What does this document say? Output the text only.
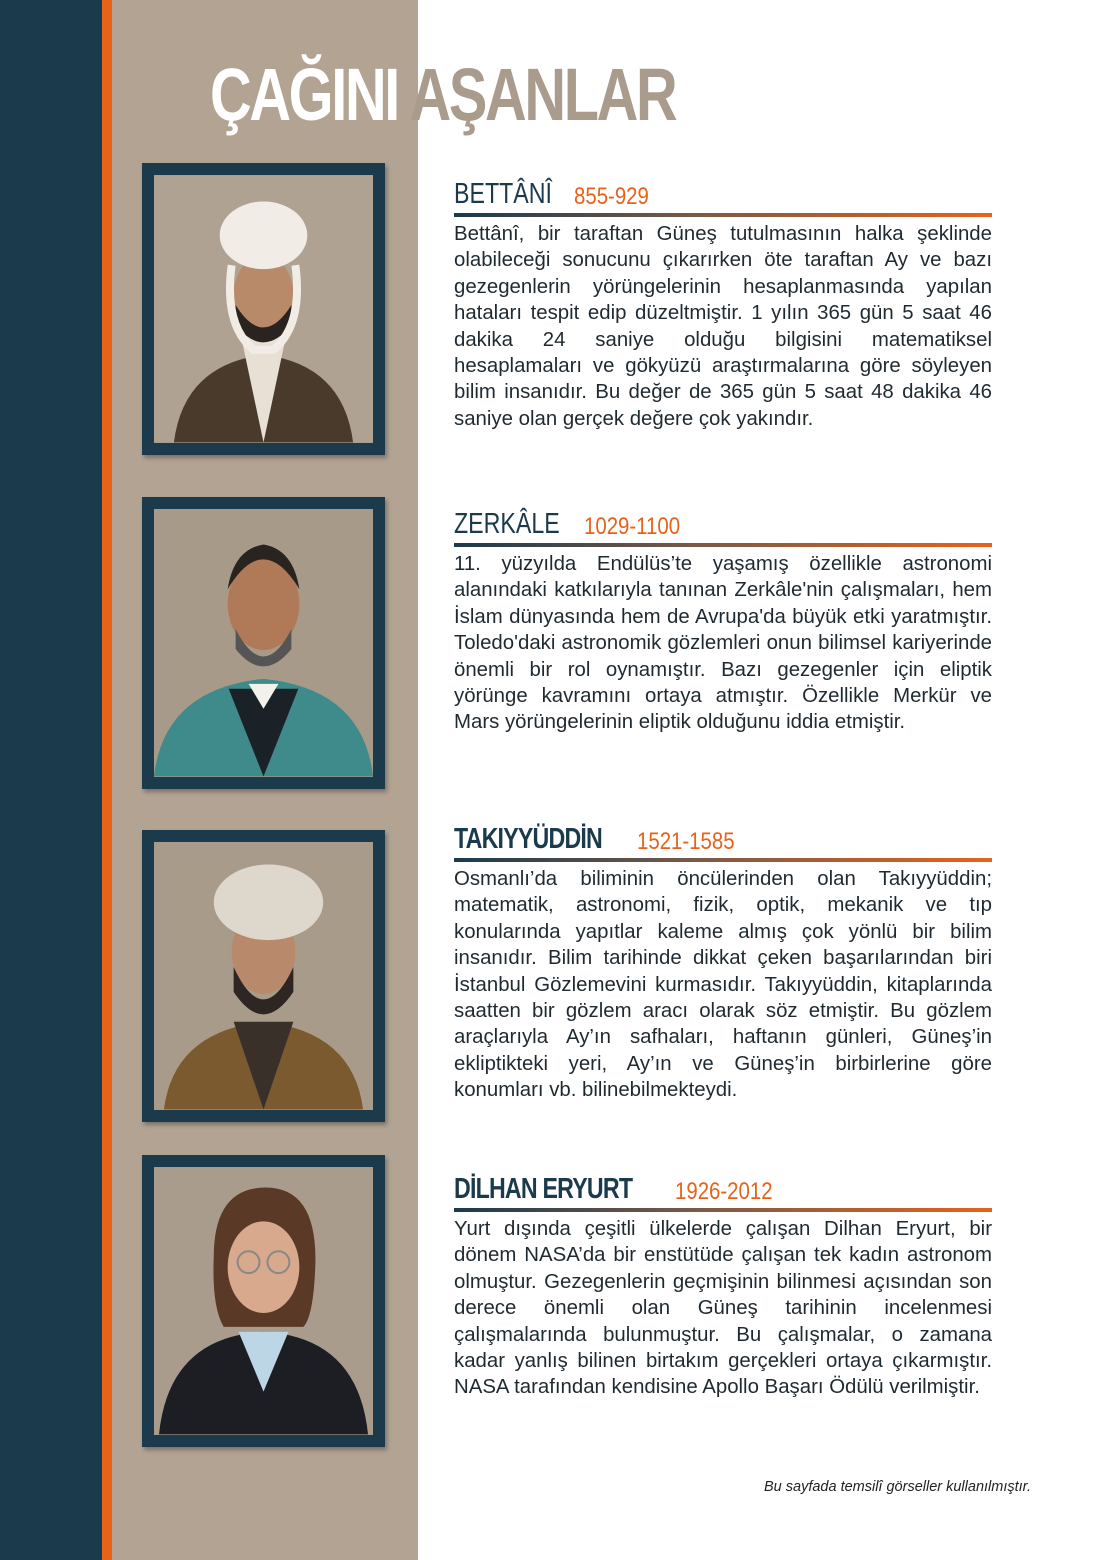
ÇAĞINI AŞANLAR
BETTÂNÎ 855-929

Bettânî, bir taraftan Güneş tutulmasının halka şeklinde olabileceği sonucunu çıkarırken öte taraftan Ay ve bazı gezegenlerin yörüngelerinin hesaplanmasında yapılan hataları tespit edip düzeltmiştir. 1 yılın 365 gün 5 saat 46 dakika 24 saniye olduğu bilgisini matematiksel hesaplamaları ve gökyüzü araştırmalarına göre söyleyen bilim insanıdır. Bu değer de 365 gün 5 saat 48 dakika 46 saniye olan gerçek değere çok yakındır.

ZERKÂLE 1029-1100

11. yüzyılda Endülüs’te yaşamış özellikle astronomi alanındaki katkılarıyla tanınan Zerkâle'nin çalışmaları, hem İslam dünyasında hem de Avrupa'da büyük etki yaratmıştır. Toledo'daki astronomik gözlemleri onun bilimsel kariyerinde önemli bir rol oynamıştır. Bazı gezegenler için eliptik yörünge kavramını ortaya atmıştır. Özellikle Merkür ve Mars yörüngelerinin eliptik olduğunu iddia etmiştir.

TAKIYYÜDDİN 1521-1585

Osmanlı’da biliminin öncülerinden olan Takıyyüddin; matematik, astronomi, fizik, optik, mekanik ve tıp konularında yapıtlar kaleme almış çok yönlü bir bilim insanıdır. Bilim tarihinde dikkat çeken başarılarından biri İstanbul Gözlemevini kurmasıdır. Takıyyüddin, kitaplarında saatten bir gözlem aracı olarak söz etmiştir. Bu gözlem araçlarıyla Ay’ın safhaları, haftanın günleri, Güneş’in ekliptikteki yeri, Ay’ın ve Güneş’in birbirlerine göre konumları vb. bilinebilmekteydi.

DİLHAN ERYURT 1926-2012

Yurt dışında çeşitli ülkelerde çalışan Dilhan Eryurt, bir dönem NASA’da bir enstütüde çalışan tek kadın astronom olmuştur. Gezegenlerin geçmişinin bilinmesi açısından son derece önemli olan Güneş tarihinin incelenmesi çalışmalarında bulunmuştur. Bu çalışmalar, o zamana kadar yanlış bilinen birtakım gerçekleri ortaya çıkarmıştır. NASA tarafından kendisine Apollo Başarı Ödülü verilmiştir.

Bu sayfada temsilî görseller kullanılmıştır.
